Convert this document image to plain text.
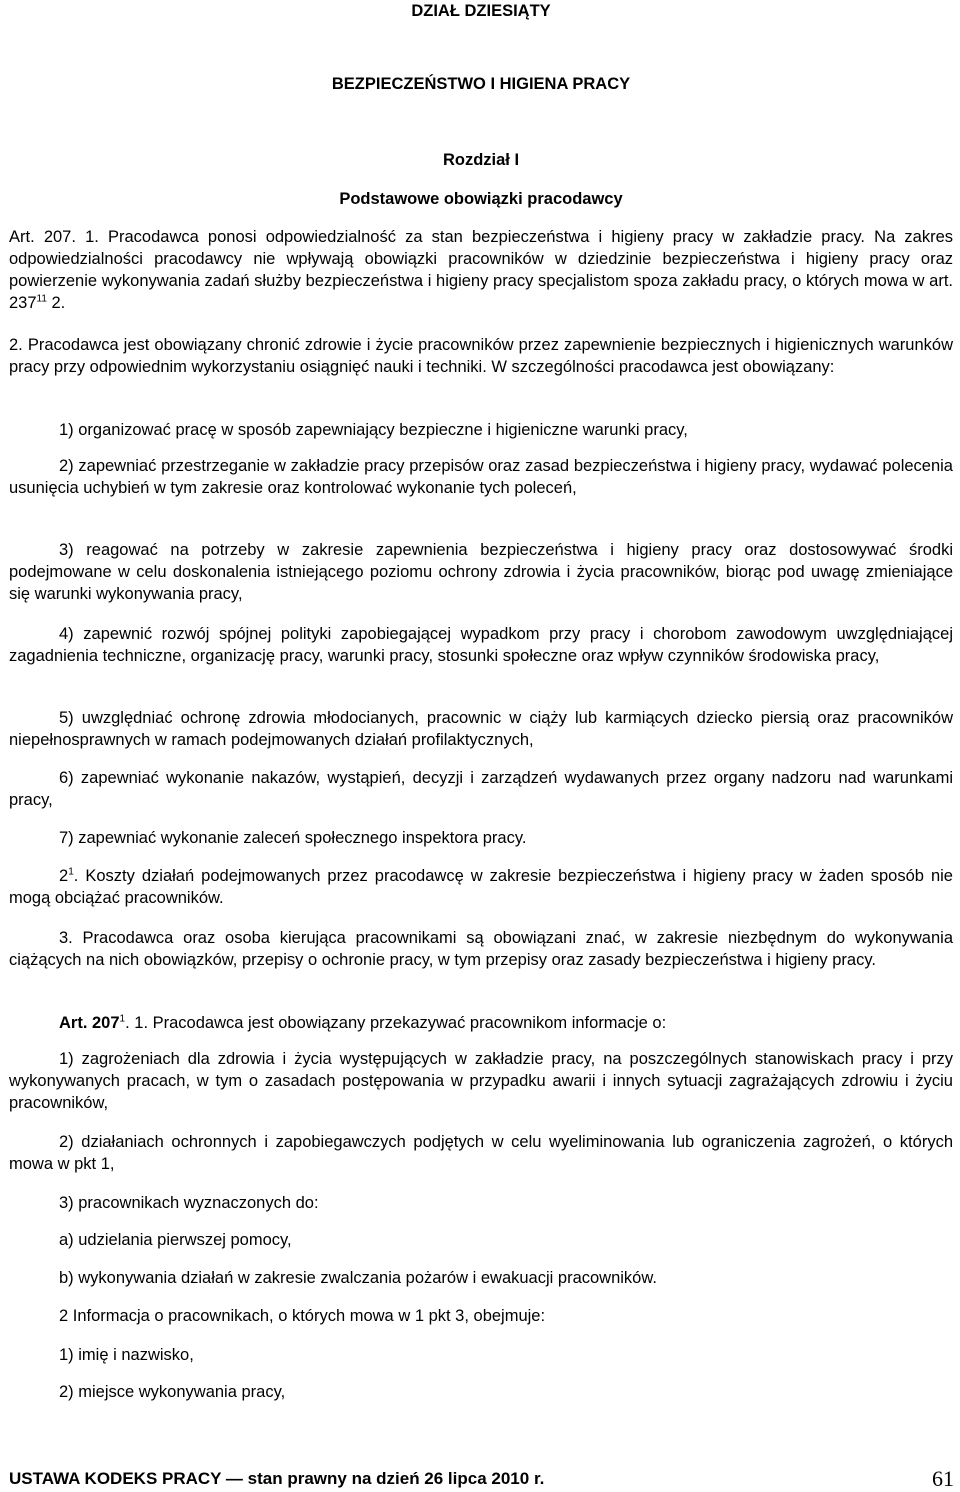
DZIAŁ DZIESIĄTY
BEZPIECZEŃSTWO I HIGIENA PRACY
Rozdział I
Podstawowe obowiązki pracodawcy

Art. 207. 1. Pracodawca ponosi odpowiedzialność za stan bezpieczeństwa i higieny pracy w zakładzie pracy. Na zakres odpowiedzialności pracodawcy nie wpływają obowiązki pracowników w dziedzinie bezpieczeństwa i higieny pracy oraz powierzenie wykonywania zadań służby bezpieczeństwa i higieny pracy specjalistom spoza zakładu pracy, o których mowa w art. $237^{11}$ 2.

2. Pracodawca jest obowiązany chronić zdrowie i życie pracowników przez zapewnienie bezpiecznych i higienicznych warunków pracy przy odpowiednim wykorzystaniu osiągnięć nauki i techniki. W szczególności pracodawca jest obowiązany:

1) organizować pracę w sposób zapewniający bezpieczne i higieniczne warunki pracy,

2) zapewniać przestrzeganie w zakładzie pracy przepisów oraz zasad bezpieczeństwa i higieny pracy, wydawać polecenia usunięcia uchybień w tym zakresie oraz kontrolować wykonanie tych poleceń,

3) reagować na potrzeby w zakresie zapewnienia bezpieczeństwa i higieny pracy oraz dostosowywać środki podejmowane w celu doskonalenia istniejącego poziomu ochrony zdrowia i życia pracowników, biorąc pod uwagę zmieniające się warunki wykonywania pracy,

4) zapewnić rozwój spójnej polityki zapobiegającej wypadkom przy pracy i chorobom zawodowym uwzględniającej zagadnienia techniczne, organizację pracy, warunki pracy, stosunki społeczne oraz wpływ czynników środowiska pracy,

5) uwzględniać ochronę zdrowia młodocianych, pracownic w ciąży lub karmiących dziecko piersią oraz pracowników niepełnosprawnych w ramach podejmowanych działań profilaktycznych,

6) zapewniać wykonanie nakazów, wystąpień, decyzji i zarządzeń wydawanych przez organy nadzoru nad warunkami pracy,

7) zapewniać wykonanie zaleceń społecznego inspektora pracy.

$2^1$. Koszty działań podejmowanych przez pracodawcę w zakresie bezpieczeństwa i higieny pracy w żaden sposób nie mogą obciążać pracowników.

3. Pracodawca oraz osoba kierująca pracownikami są obowiązani znać, w zakresie niezbędnym do wykonywania ciążących na nich obowiązków, przepisy o ochronie pracy, w tym przepisy oraz zasady bezpieczeństwa i higieny pracy.

Art. $207^1$. 1. Pracodawca jest obowiązany przekazywać pracownikom informacje o:

1) zagrożeniach dla zdrowia i życia występujących w zakładzie pracy, na poszczególnych stanowiskach pracy i przy wykonywanych pracach, w tym o zasadach postępowania w przypadku awarii i innych sytuacji zagrażających zdrowiu i życiu pracowników,

2) działaniach ochronnych i zapobiegawczych podjętych w celu wyeliminowania lub ograniczenia zagrożeń, o których mowa w pkt 1,

3) pracownikach wyznaczonych do:

a) udzielania pierwszej pomocy,

b) wykonywania działań w zakresie zwalczania pożarów i ewakuacji pracowników.

2 Informacja o pracownikach, o których mowa w 1 pkt 3, obejmuje:

1) imię i nazwisko,

2) miejsce wykonywania pracy,

USTAWA KODEKS PRACY — stan prawny na dzień 26 lipca 2010 r.	61
